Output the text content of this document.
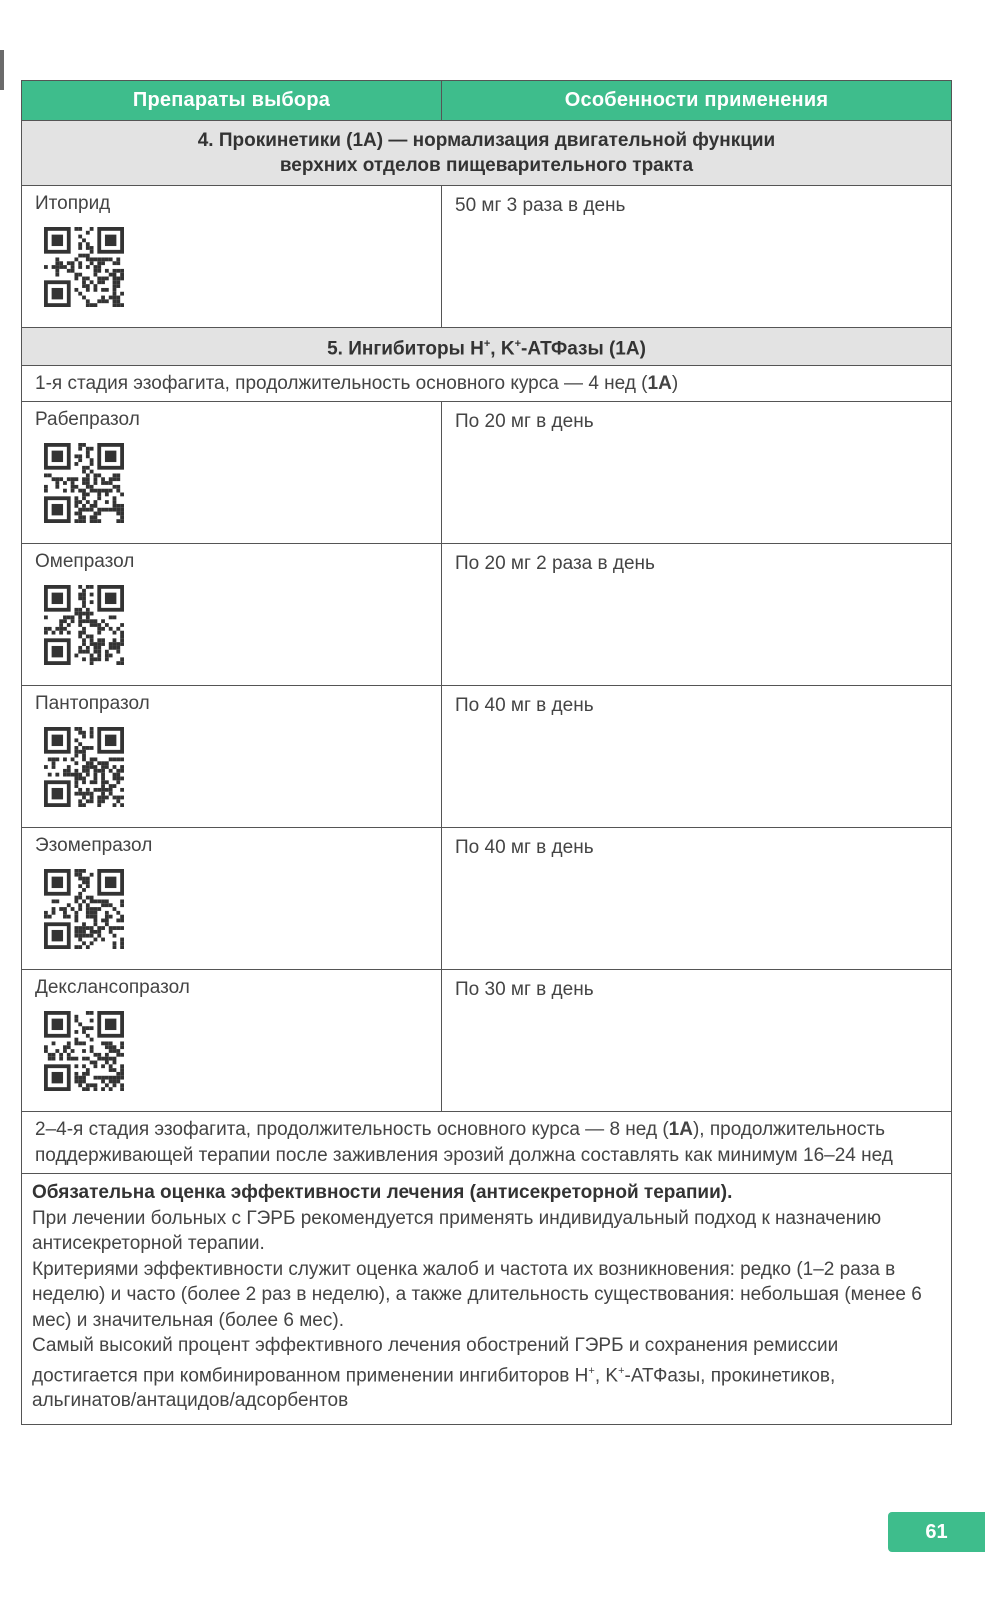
Препараты выбора	Особенности применения
4. Прокинетики (1А) — нормализация двигательной функции
верхних отделов пищеварительного тракта
Итоприд	50 мг 3 раза в день
5. Ингибиторы H+, K+-АТФазы (1А)
1-я стадия эзофагита, продолжительность основного курса — 4 нед (1A)
Рабепразол	По 20 мг в день
Омепразол	По 20 мг 2 раза в день
Пантопразол	По 40 мг в день
Эзомепразол	По 40 мг в день
Декслансопразол	По 30 мг в день
2–4-я стадия эзофагита, продолжительность основного курса — 8 нед (1A), продолжительность
поддерживающей терапии после заживления эрозий должна составлять как минимум 16–24 нед

Обязательна оценка эффективности лечения (антисекреторной терапии).

При лечении больных с ГЭРБ рекомендуется применять индивидуальный подход к назначению антисекреторной терапии.

Критериями эффективности служит оценка жалоб и частота их возникновения: редко (1–2 раза в неделю) и часто (более 2 раз в неделю), а также длительность существования: небольшая (менее 6 мес) и значительная (более 6 мес).

Самый высокий процент эффективного лечения обострений ГЭРБ и сохранения ремиссии достигается при комбинированном применении ингибиторов H+, K+-АТФазы, прокинетиков, альгинатов/антацидов/адсорбентов

61
